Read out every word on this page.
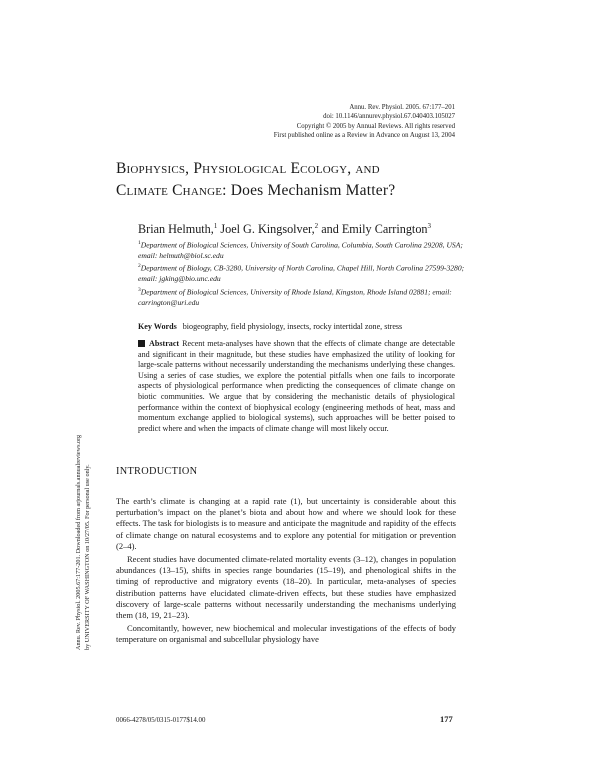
Annu. Rev. Physiol. 2005. 67:177–201
doi: 10.1146/annurev.physiol.67.040403.105027
Copyright © 2005 by Annual Reviews. All rights reserved
First published online as a Review in Advance on August 13, 2004
Biophysics, Physiological Ecology, and
Climate Change: Does Mechanism Matter?
Brian Helmuth,$^1$ Joel G. Kingsolver,$^2$ and Emily Carrington$^3$
$^1$Department of Biological Sciences, University of South Carolina, Columbia, South Carolina 29208, USA; email: helmuth@biol.sc.edu
$^2$Department of Biology, CB-3280, University of North Carolina, Chapel Hill, North Carolina 27599-3280; email: jgking@bio.unc.edu
$^3$Department of Biological Sciences, University of Rhode Island, Kingston, Rhode Island 02881; email: carrington@uri.edu
Key Words biogeography, field physiology, insects, rocky intertidal zone, stress
Abstract Recent meta-analyses have shown that the effects of climate change are detectable and significant in their magnitude, but these studies have emphasized the utility of looking for large-scale patterns without necessarily understanding the mechanisms underlying these changes. Using a series of case studies, we explore the potential pitfalls when one fails to incorporate aspects of physiological performance when predicting the consequences of climate change on biotic communities. We argue that by considering the mechanistic details of physiological performance within the context of biophysical ecology (engineering methods of heat, mass and momentum exchange applied to biological systems), such approaches will be better poised to predict where and when the impacts of climate change will most likely occur.
INTRODUCTION

The earth’s climate is changing at a rapid rate (1), but uncertainty is considerable about this perturbation’s impact on the planet’s biota and about how and where we should look for these effects. The task for biologists is to measure and anticipate the magnitude and rapidity of the effects of climate change on natural ecosystems and to explore any potential for mitigation or prevention (2–4).

Recent studies have documented climate-related mortality events (3–12), changes in population abundances (13–15), shifts in species range boundaries (15–19), and phenological shifts in the timing of reproductive and migratory events (18–20). In particular, meta-analyses of species distribution patterns have elucidated climate-driven effects, but these studies have emphasized discovery of large-scale patterns without necessarily understanding the mechanisms underlying them (18, 19, 21–23).

Concomitantly, however, new biochemical and molecular investigations of the effects of body temperature on organismal and subcellular physiology have

0066-4278/05/0315-0177$14.00	177
Annu. Rev. Physiol. 2005.67:177-201. Downloaded from arjournals.annualreviews.org by UNIVERSITY OF WASHINGTON on 10/27/05. For personal use only.
